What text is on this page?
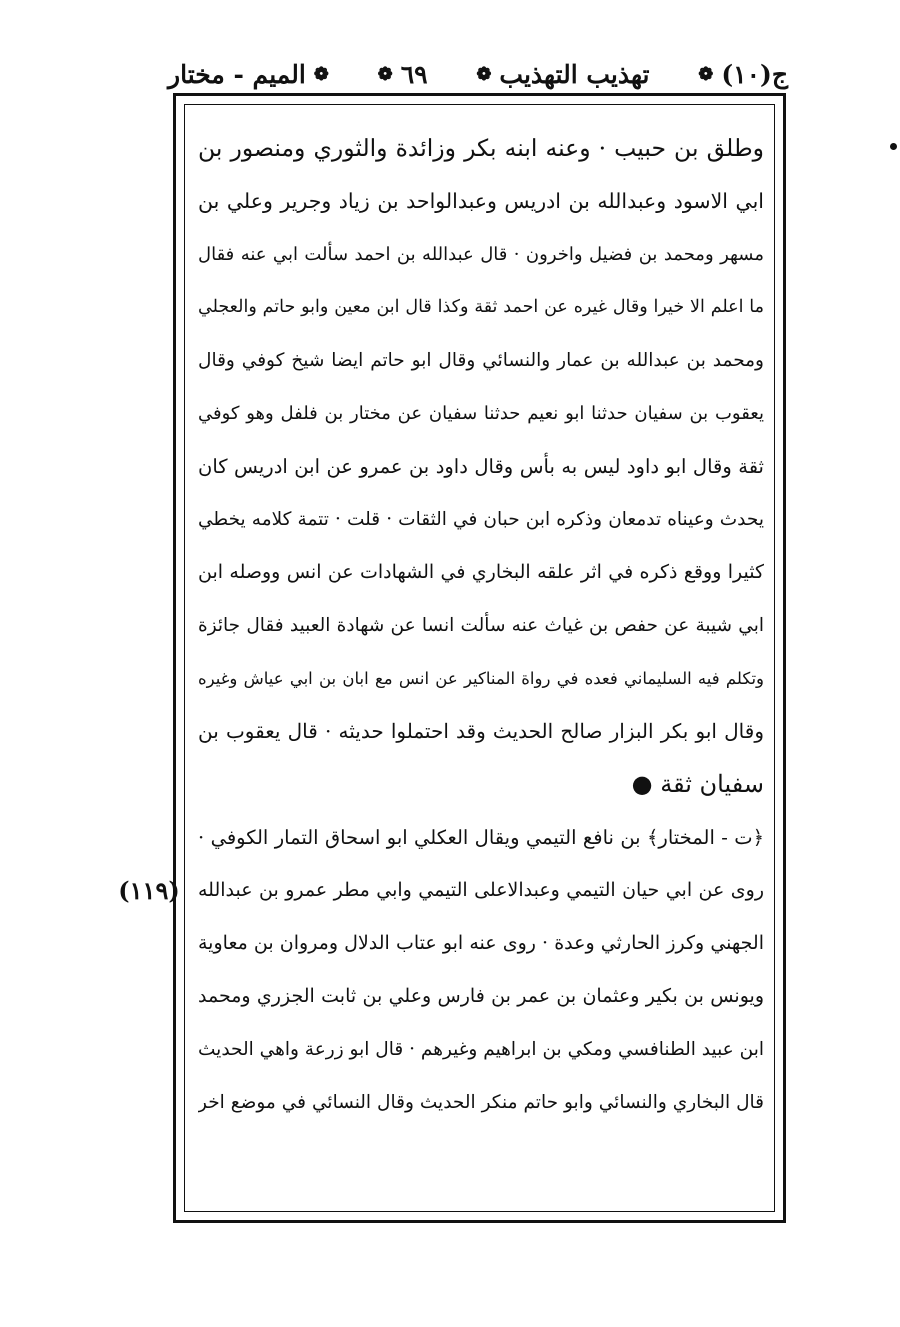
ج(١٠)
❁
تهذيب التهذيب
❁
٦٩
❁
❁
الميم - مختار
وطلق بن حبيب · وعنه ابنه بكر وزائدة والثوري ومنصور بن
ابي الاسود وعبدالله بن ادريس وعبدالواحد بن زياد وجرير وعلي بن
مسهر ومحمد بن فضيل واخرون · قال عبدالله بن احمد سألت ابي عنه فقال
ما اعلم الا خيرا وقال غيره عن احمد ثقة وكذا قال ابن معين وابو حاتم والعجلي
ومحمد بن عبدالله بن عمار والنسائي وقال ابو حاتم ايضا شيخ كوفي وقال
يعقوب بن سفيان حدثنا ابو نعيم حدثنا سفيان عن مختار بن فلفل وهو كوفي
ثقة وقال ابو داود ليس به بأس وقال داود بن عمرو عن ابن ادريس كان
يحدث وعيناه تدمعان وذكره ابن حبان في الثقات · قلت · تتمة كلامه يخطي
كثيرا ووقع ذكره في اثر علقه البخاري في الشهادات عن انس ووصله ابن
ابي شيبة عن حفص بن غياث عنه سألت انسا عن شهادة العبيد فقال جائزة
وتكلم فيه السليماني فعده في رواة المناكير عن انس مع ابان بن ابي عياش وغيره
وقال ابو بكر البزار صالح الحديث وقد احتملوا حديثه · قال يعقوب بن
سفيان ثقة ●
﴿ت - المختار﴾ بن نافع التيمي ويقال العكلي ابو اسحاق التمار الكوفي ·
روى عن ابي حيان التيمي وعبدالاعلى التيمي وابي مطر عمرو بن عبدالله
الجهني وكرز الحارثي وعدة · روى عنه ابو عتاب الدلال ومروان بن معاوية
ويونس بن بكير وعثمان بن عمر بن فارس وعلي بن ثابت الجزري ومحمد
ابن عبيد الطنافسي ومكي بن ابراهيم وغيرهم · قال ابو زرعة واهي الحديث
قال البخاري والنسائي وابو حاتم منكر الحديث وقال النسائي في موضع اخر
(١١٩)
